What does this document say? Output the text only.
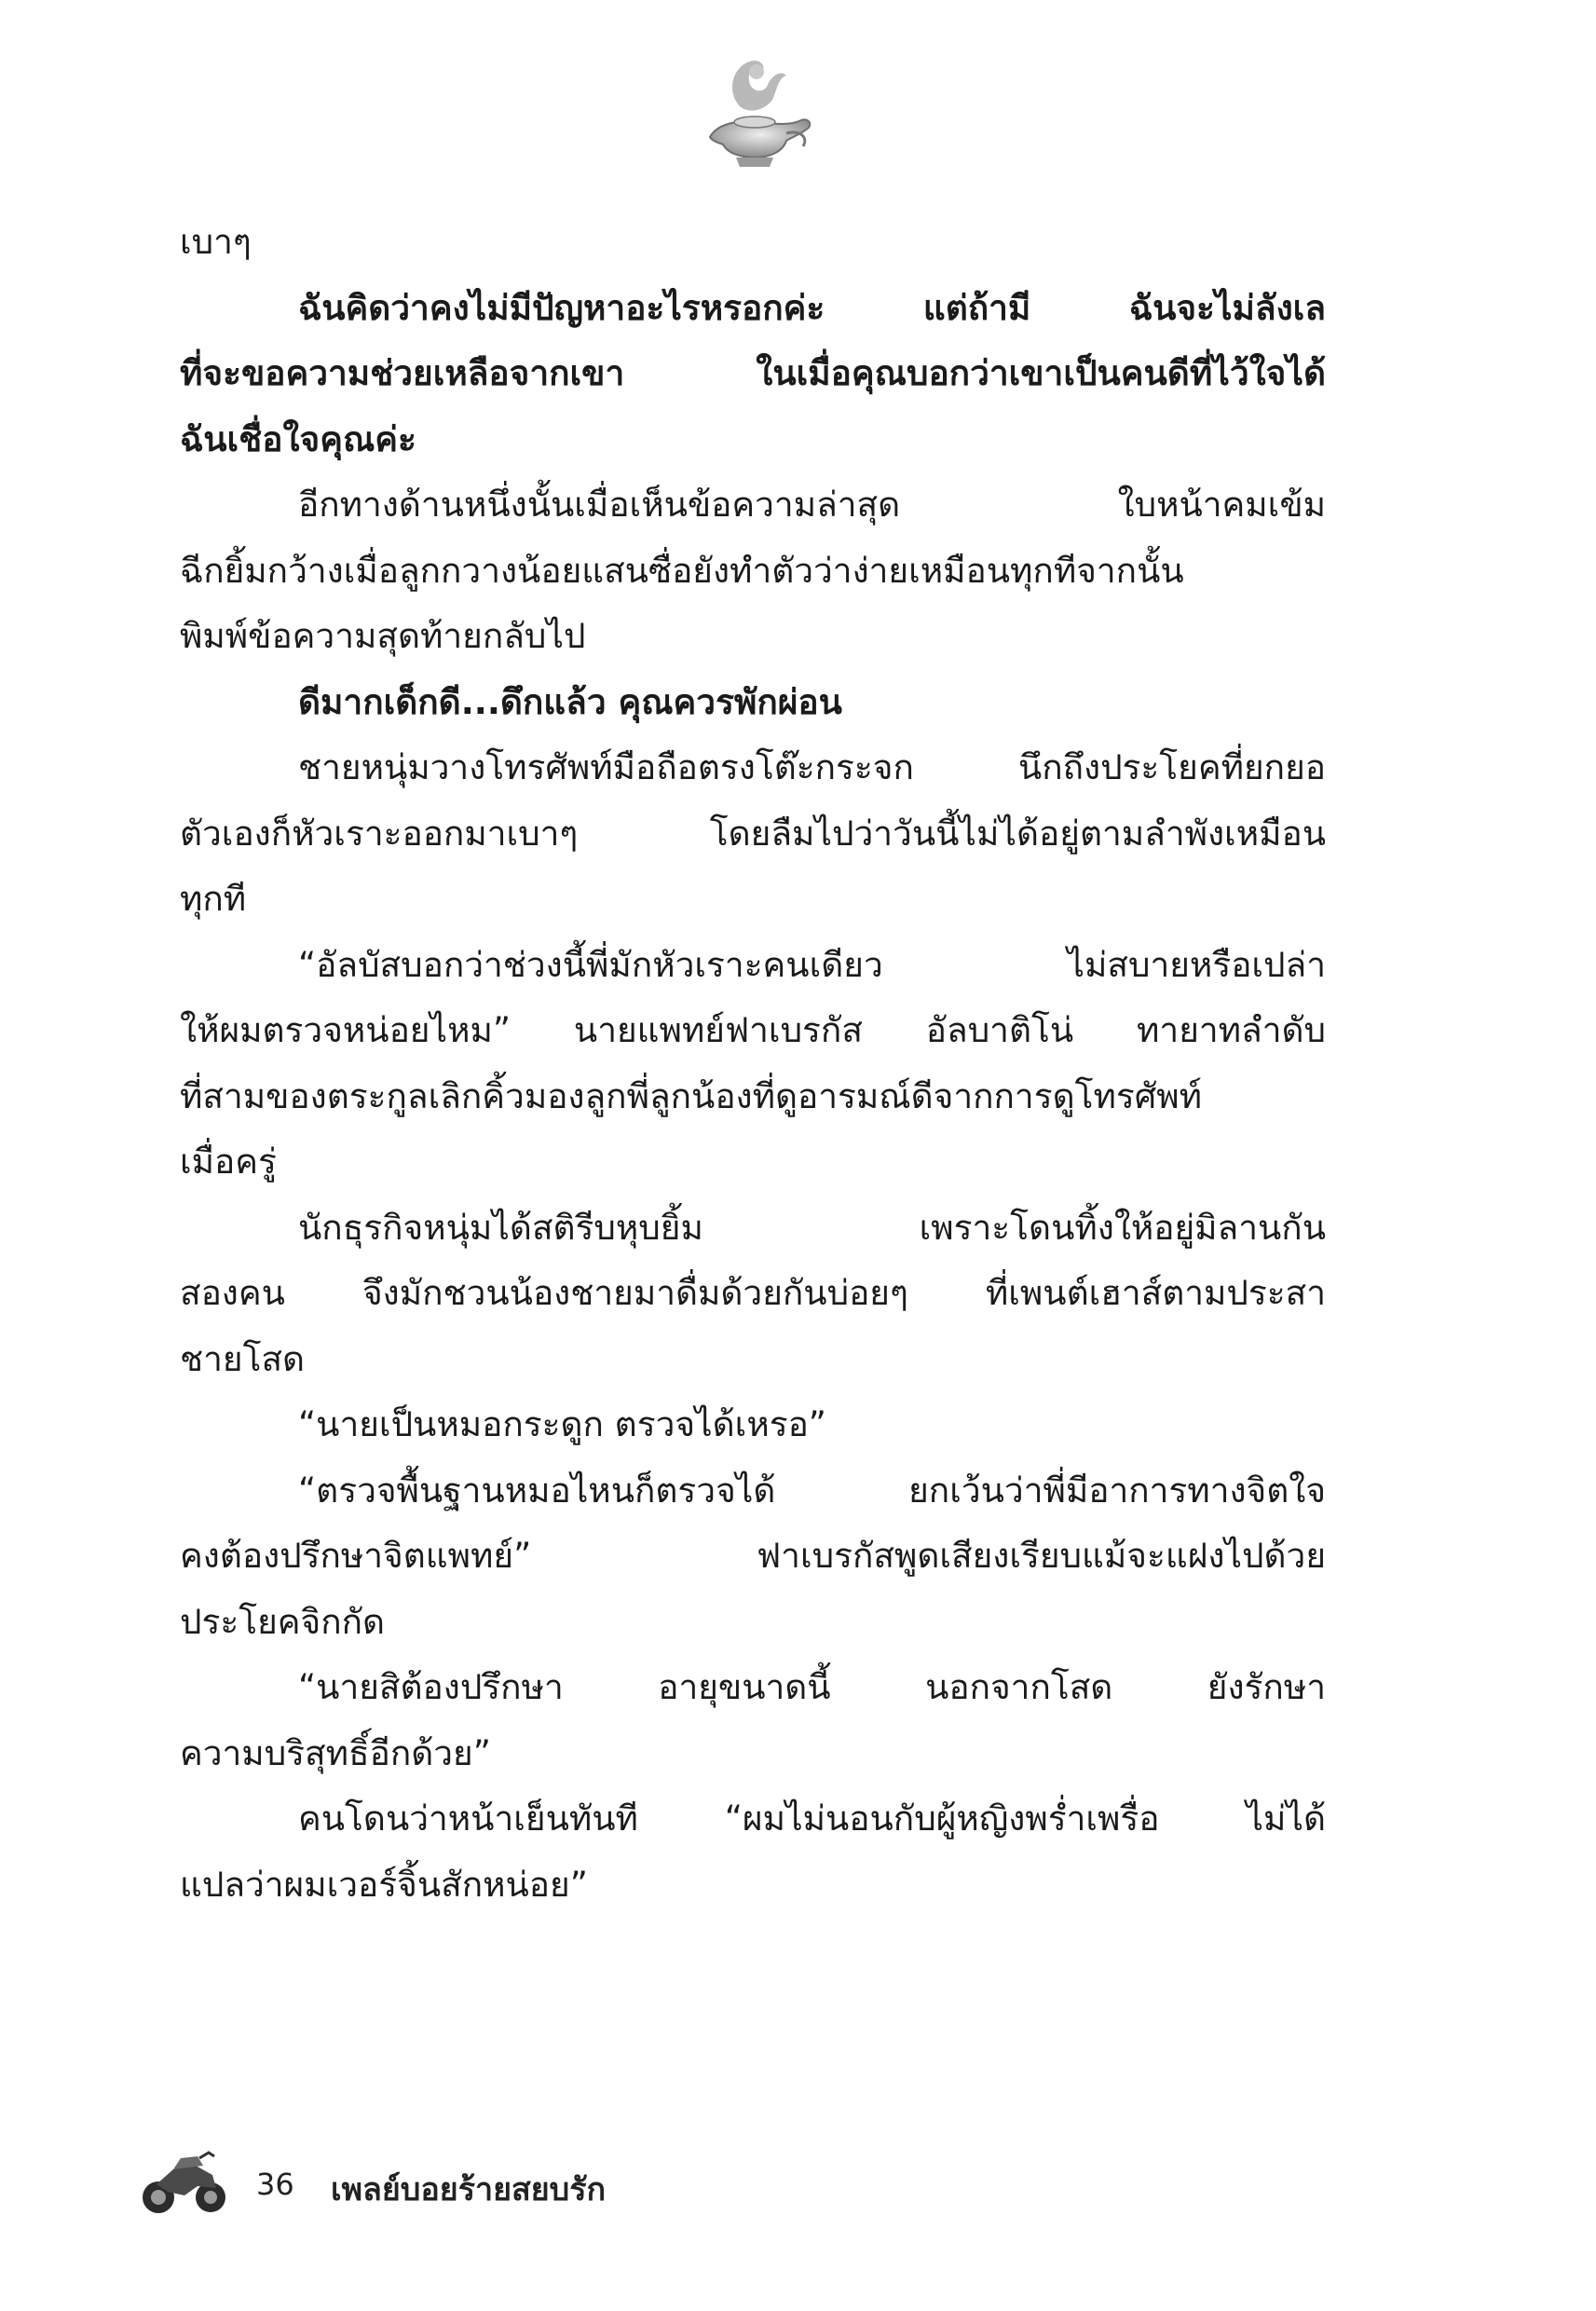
เบาๆ
ฉันคิดว่าคงไม่มีปัญหาอะไรหรอกค่ะ แต่ถ้ามี ฉันจะไม่ลังเล
ที่จะขอความช่วยเหลือจากเขา ในเมื่อคุณบอกว่าเขาเป็นคนดีที่ไว้ใจได้
ฉันเชื่อใจคุณค่ะ
อีกทางด้านหนึ่งนั้นเมื่อเห็นข้อความล่าสุด ใบหน้าคมเข้ม
ฉีกยิ้มกว้างเมื่อลูกกวางน้อยแสนซื่อยังทำตัวว่าง่ายเหมือนทุกทีจากนั้น
พิมพ์ข้อความสุดท้ายกลับไป
ดีมากเด็กดี...ดึกแล้ว คุณควรพักผ่อน
ชายหนุ่มวางโทรศัพท์มือถือตรงโต๊ะกระจก นึกถึงประโยคที่ยกยอ
ตัวเองก็หัวเราะออกมาเบาๆ โดยลืมไปว่าวันนี้ไม่ได้อยู่ตามลำพังเหมือน
ทุกที
“อัลบัสบอกว่าช่วงนี้พี่มักหัวเราะคนเดียว ไม่สบายหรือเปล่า
ให้ผมตรวจหน่อยไหม” นายแพทย์ฟาเบรกัส อัลบาติโน่ ทายาทลำดับ
ที่สามของตระกูลเลิกคิ้วมองลูกพี่ลูกน้องที่ดูอารมณ์ดีจากการดูโทรศัพท์
เมื่อครู่
นักธุรกิจหนุ่มได้สติรีบหุบยิ้ม เพราะโดนทิ้งให้อยู่มิลานกัน
สองคน จึงมักชวนน้องชายมาดื่มด้วยกันบ่อยๆ ที่เพนต์เฮาส์ตามประสา
ชายโสด
“นายเป็นหมอกระดูก ตรวจได้เหรอ”
“ตรวจพื้นฐานหมอไหนก็ตรวจได้ ยกเว้นว่าพี่มีอาการทางจิตใจ
คงต้องปรึกษาจิตแพทย์” ฟาเบรกัสพูดเสียงเรียบแม้จะแฝงไปด้วย
ประโยคจิกกัด
“นายสิต้องปรึกษา อายุขนาดนี้ นอกจากโสด ยังรักษา
ความบริสุทธิ์อีกด้วย”
คนโดนว่าหน้าเย็นทันที “ผมไม่นอนกับผู้หญิงพร่ำเพรื่อ ไม่ได้
แปลว่าผมเวอร์จิ้นสักหน่อย”
36 เพลย์บอยร้ายสยบรัก
